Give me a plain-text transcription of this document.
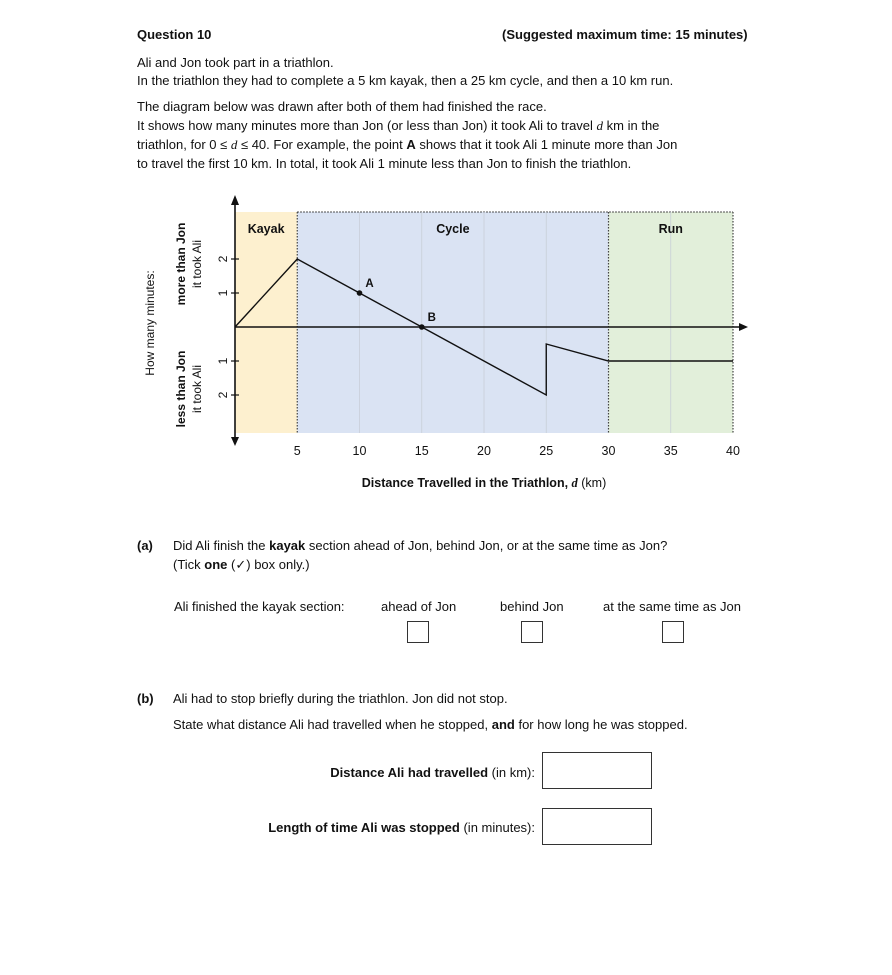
Question 10	(Suggested maximum time: 15 minutes)
Ali and Jon took part in a triathlon.
In the triathlon they had to complete a 5 km kayak, then a 25 km cycle, and then a 10 km run.
The diagram below was drawn after both of them had finished the race.
It shows how many minutes more than Jon (or less than Jon) it took Ali to travel d km in the
triathlon, for 0 ≤ d ≤ 40. For example, the point A shows that it took Ali 1 minute more than Jon
to travel the first 10 km. In total, it took Ali 1 minute less than Jon to finish the triathlon.
Kayak	Cycle	Run
2
1
1
2
5	10	15	20	25	30	35	40
How many minutes:
more than Jon it took Ali
less than Jon it took Ali
Distance Travelled in the Triathlon, d (km)
A
B
(a) Did Ali finish the kayak section ahead of Jon, behind Jon, or at the same time as Jon?
(Tick one (✓) box only.)
Ali finished the kayak section:	ahead of Jon	behind Jon	at the same time as Jon
(b) Ali had to stop briefly during the triathlon. Jon did not stop.
State what distance Ali had travelled when he stopped, and for how long he was stopped.
Distance Ali had travelled (in km):
Length of time Ali was stopped (in minutes):
